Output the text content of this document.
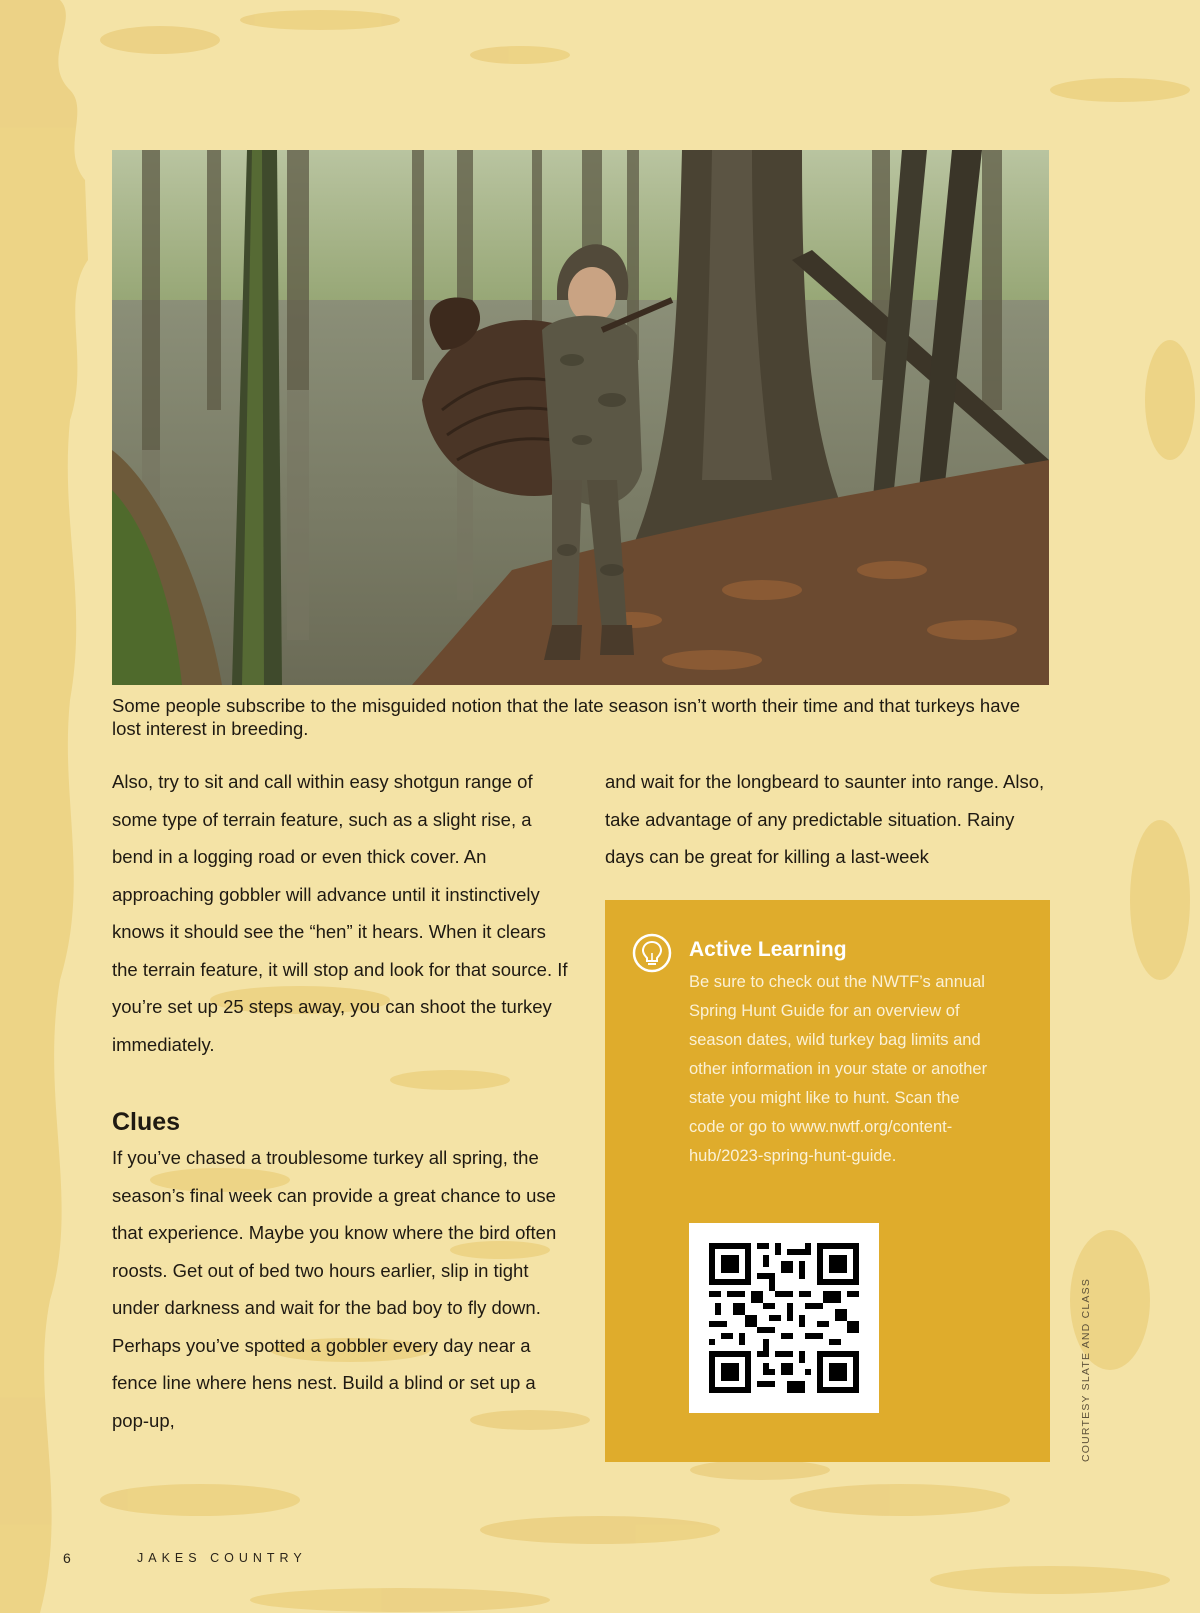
Some people subscribe to the misguided notion that the late season isn’t worth their time and that turkeys have lost interest in breeding.

Also, try to sit and call within easy shotgun range of some type of terrain feature, such as a slight rise, a bend in a logging road or even thick cover. An approaching gobbler will advance until it instinctively knows it should see the “hen” it hears. When it clears the terrain feature, it will stop and look for that source. If you’re set up 25 steps away, you can shoot the turkey immediately.

Clues

If you’ve chased a troublesome turkey all spring, the season’s final week can provide a great chance to use that experience. Maybe you know where the bird often roosts. Get out of bed two hours earlier, slip in tight under darkness and wait for the bad boy to fly down. Perhaps you’ve spotted a gobbler every day near a fence line where hens nest. Build a blind or set up a pop-up,

and wait for the longbeard to saunter into range. Also, take advantage of any predictable situation. Rainy days can be great for killing a last-week

Active Learning
Be sure to check out the NWTF’s annual Spring Hunt Guide for an overview of season dates, wild turkey bag limits and other information in your state or another state you might like to hunt. Scan the code or go to www.nwtf.org/content-hub/2023-spring-hunt-guide.
COURTESY SLATE AND CLASS
6	JAKES COUNTRY
